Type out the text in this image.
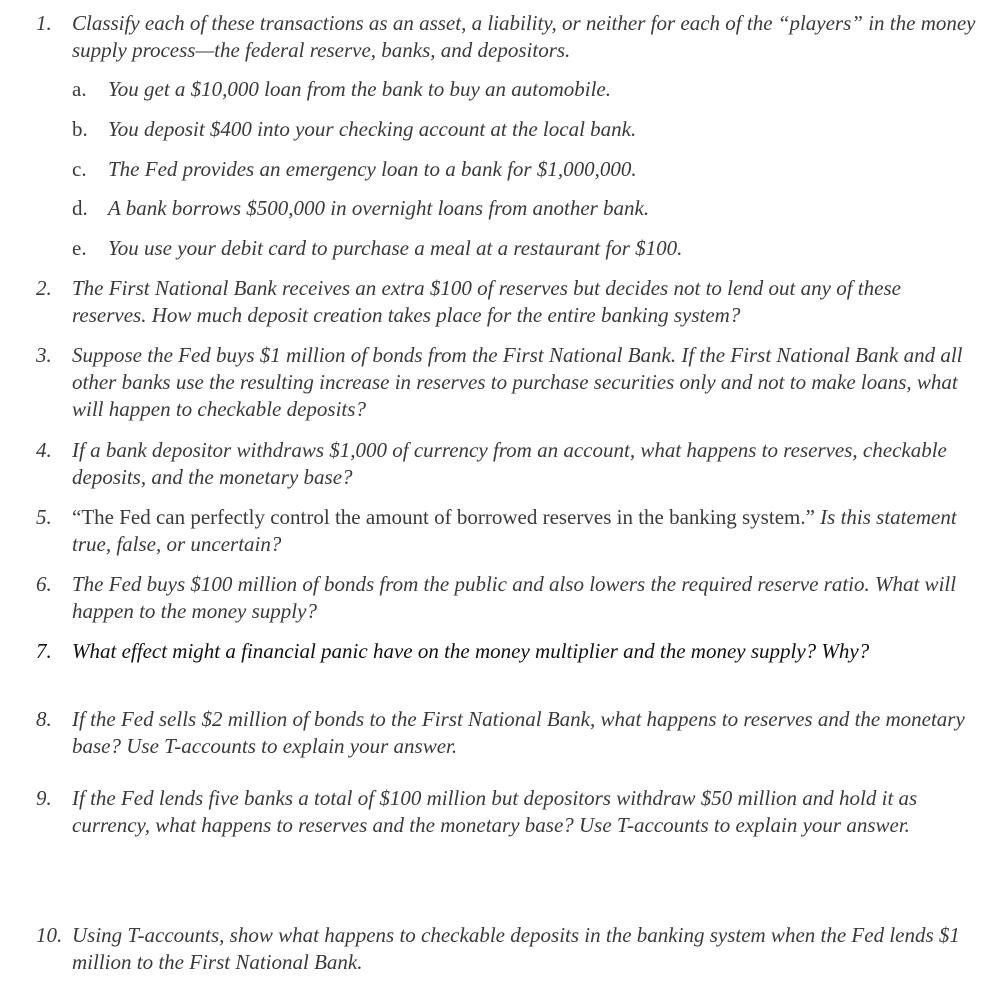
1. Classify each of these transactions as an asset, a liability, or neither for each of the “players” in the money supply process—the federal reserve, banks, and depositors.
a. You get a $10,000 loan from the bank to buy an automobile.
b. You deposit $400 into your checking account at the local bank.
c. The Fed provides an emergency loan to a bank for $1,000,000.
d. A bank borrows $500,000 in overnight loans from another bank.
e. You use your debit card to purchase a meal at a restaurant for $100.
2. The First National Bank receives an extra $100 of reserves but decides not to lend out any of these reserves. How much deposit creation takes place for the entire banking system?
3. Suppose the Fed buys $1 million of bonds from the First National Bank. If the First National Bank and all other banks use the resulting increase in reserves to purchase securities only and not to make loans, what will happen to checkable deposits?
4. If a bank depositor withdraws $1,000 of currency from an account, what happens to reserves, checkable deposits, and the monetary base?
5. “The Fed can perfectly control the amount of borrowed reserves in the banking system.” Is this statement true, false, or uncertain?
6. The Fed buys $100 million of bonds from the public and also lowers the required reserve ratio. What will happen to the money supply?
7. What effect might a financial panic have on the money multiplier and the money supply? Why?
8. If the Fed sells $2 million of bonds to the First National Bank, what happens to reserves and the monetary base? Use T-accounts to explain your answer.
9. If the Fed lends five banks a total of $100 million but depositors withdraw $50 million and hold it as currency, what happens to reserves and the monetary base? Use T-accounts to explain your answer.
10. Using T-accounts, show what happens to checkable deposits in the banking system when the Fed lends $1 million to the First National Bank.
